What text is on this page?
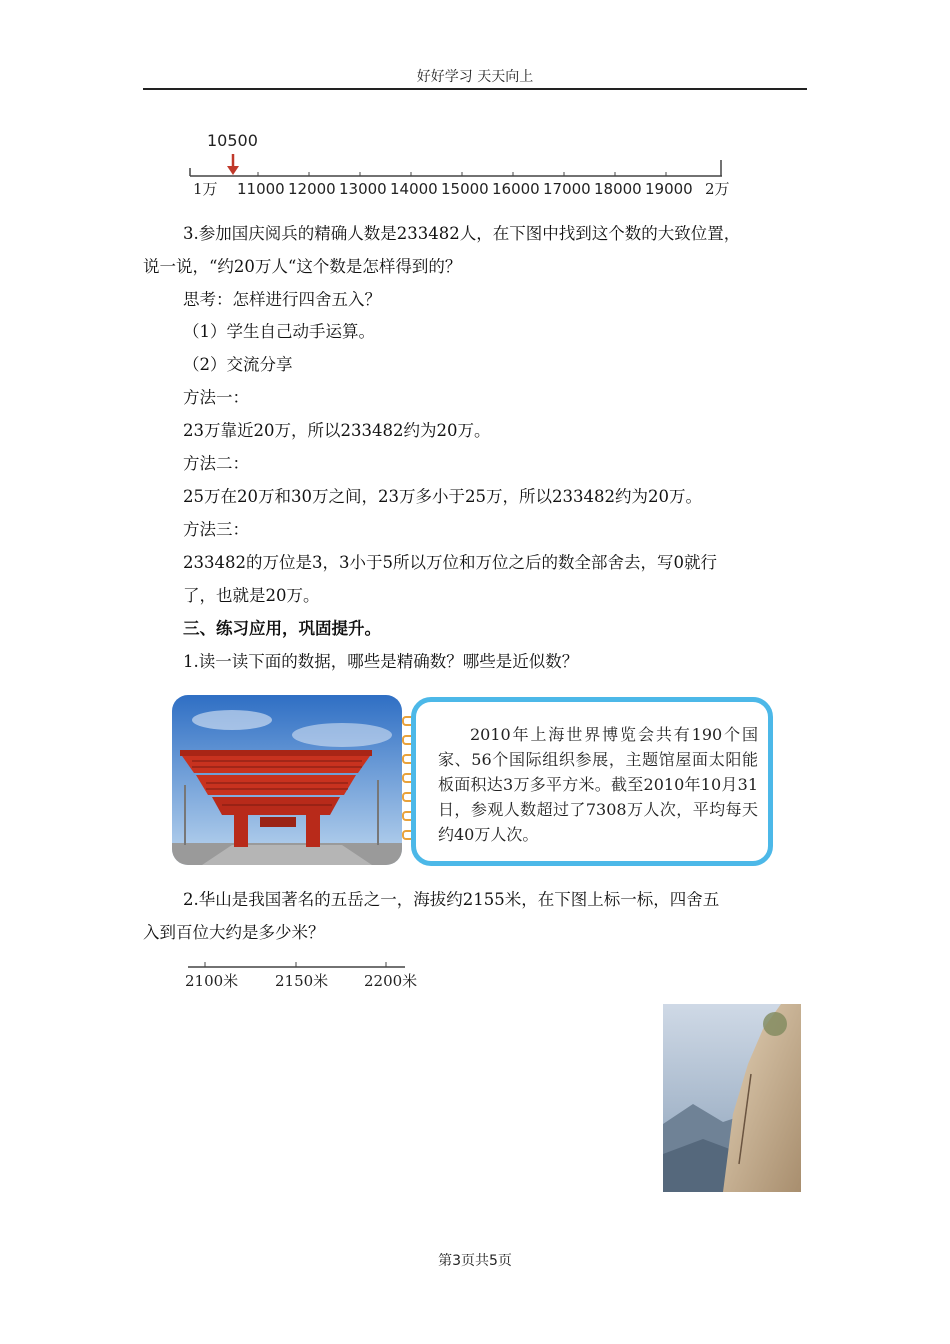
好好学习 天天向上
10500
1万 11000 12000 13000 14000 15000 16000 17000 18000 19000 2万
3.参加国庆阅兵的精确人数是233482人，在下图中找到这个数的大致位置，
说一说，“约20万人“这个数是怎样得到的？
思考：怎样进行四舍五入？
（1）学生自己动手运算。
（2）交流分享
方法一：
23万靠近20万，所以233482约为20万。
方法二：
25万在20万和30万之间，23万多小于25万，所以233482约为20万。
方法三：
233482的万位是3，3小于5所以万位和万位之后的数全部舍去，写0就行
了，也就是20万。
三、练习应用，巩固提升。
1.读一读下面的数据，哪些是精确数？哪些是近似数？
2010年上海世界博览会共有190个国家、56个国际组织参展，主题馆屋面太阳能板面积达3万多平方米。截至2010年10月31日，参观人数超过了7308万人次，平均每天约40万人次。
2.华山是我国著名的五岳之一，海拔约2155米，在下图上标一标，四舍五
入到百位大约是多少米？
2100米 2150米 2200米
第3页共5页
